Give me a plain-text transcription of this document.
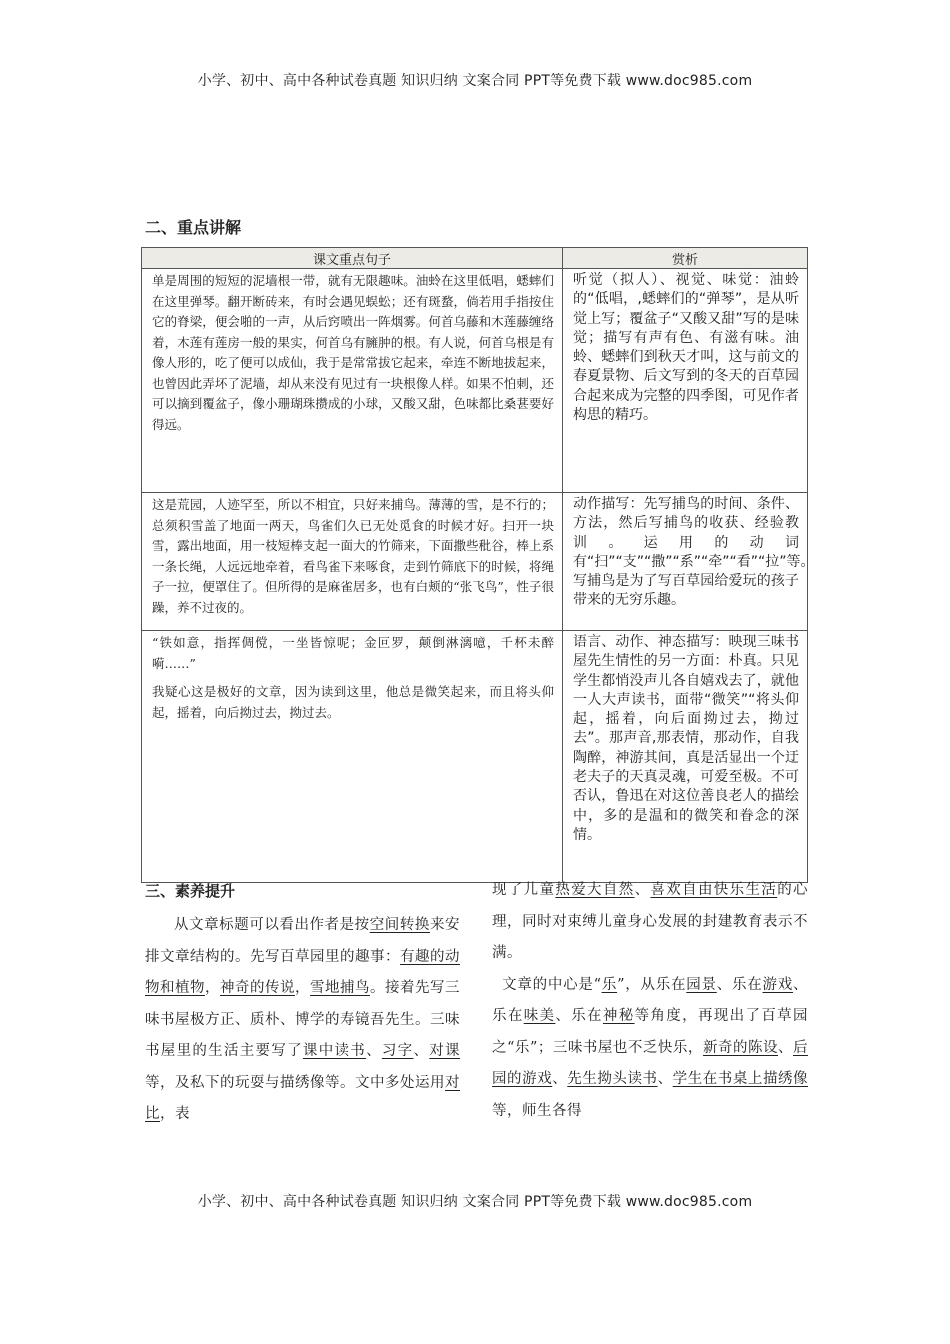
小学、初中、高中各种试卷真题 知识归纳 文案合同 PPT等免费下载 www.doc985.com
二、重点讲解
课文重点句子	赏析

单是周围的短短的泥墙根一带，就有无限趣味。油蛉在这里低唱，蟋蟀们在这里弹琴。翻开断砖来，有时会遇见蜈蚣；还有斑蝥，倘若用手指按住它的脊梁，便会啪的一声，从后窍喷出一阵烟雾。何首乌藤和木莲藤缠络着，木莲有莲房一般的果实，何首乌有臃肿的根。有人说，何首乌根是有像人形的，吃了便可以成仙，我于是常常拔它起来，牵连不断地拔起来，也曾因此弄坏了泥墙，却从来没有见过有一块根像人样。如果不怕刺，还可以摘到覆盆子，像小珊瑚珠攒成的小球，又酸又甜，色味都比桑葚要好得远。	听觉（拟人）、视觉、味觉：油蛉的“低唱，,蟋蟀们的“弹琴”，是从听觉上写；覆盆子“又酸又甜”写的是味觉；描写有声有色、有滋有味。油蛉、蟋蟀们到秋天才叫，这与前文的春夏景物、后文写到的冬天的百草园合起来成为完整的四季图，可见作者构思的精巧。

这是荒园，人迹罕至，所以不相宜，只好来捕鸟。薄薄的雪，是不行的；总须积雪盖了地面一两天，鸟雀们久已无处觅食的时候才好。扫开一块雪，露出地面，用一枝短棒支起一面大的竹筛来，下面撒些秕谷，棒上系一条长绳，人远远地牵着，看鸟雀下来啄食，走到竹筛底下的时候，将绳子一拉，便罩住了。但所得的是麻雀居多，也有白颊的“张飞鸟”，性子很躁，养不过夜的。	动作描写：先写捕鸟的时间、条件、方法，然后写捕鸟的收获、经验教训。运用的动词有“扫”“支”“撒”“系”“牵”“看”“拉”等。写捕鸟是为了写百草园给爱玩的孩子带来的无穷乐趣。

“铁如意，指挥倜傥，一坐皆惊呢；金叵罗，颠倒淋漓噫，千杯未醉嗬……”
我疑心这是极好的文章，因为读到这里，他总是微笑起来，而且将头仰起，摇着，向后拗过去，拗过去。	语言、动作、神态描写：映现三味书屋先生情性的另一方面：朴真。只见学生都悄没声儿各自嬉戏去了，就他一人大声读书，面带“微笑”“将头仰起，摇着，向后面拗过去，拗过去”。那声音,那表情，那动作，自我陶醉，神游其间，真是活显出一个迂老夫子的天真灵魂，可爱至极。不可否认，鲁迅在对这位善良老人的描绘中，多的是温和的微笑和眷念的深情。
三、素养提升
从文章标题可以看出作者是按空间转换来安排文章结构的。先写百草园里的趣事：有趣的动物和植物，神奇的传说，雪地捕鸟。接着先写三味书屋极方正、质朴、博学的寿镜吾先生。三味书屋里的生活主要写了课中读书、习字、对课等，及私下的玩耍与描绣像等。文中多处运用对比，表

现了儿童热爱大自然、喜欢自由快乐生活的心理，同时对束缚儿童身心发展的封建教育表示不满。

文章的中心是“乐”，从乐在园景、乐在游戏、乐在味美、乐在神秘等角度，再现出了百草园之“乐”；三味书屋也不乏快乐，新奇的陈设、后园的游戏、先生拗头读书、学生在书桌上描绣像等，师生各得

小学、初中、高中各种试卷真题 知识归纳 文案合同 PPT等免费下载 www.doc985.com
